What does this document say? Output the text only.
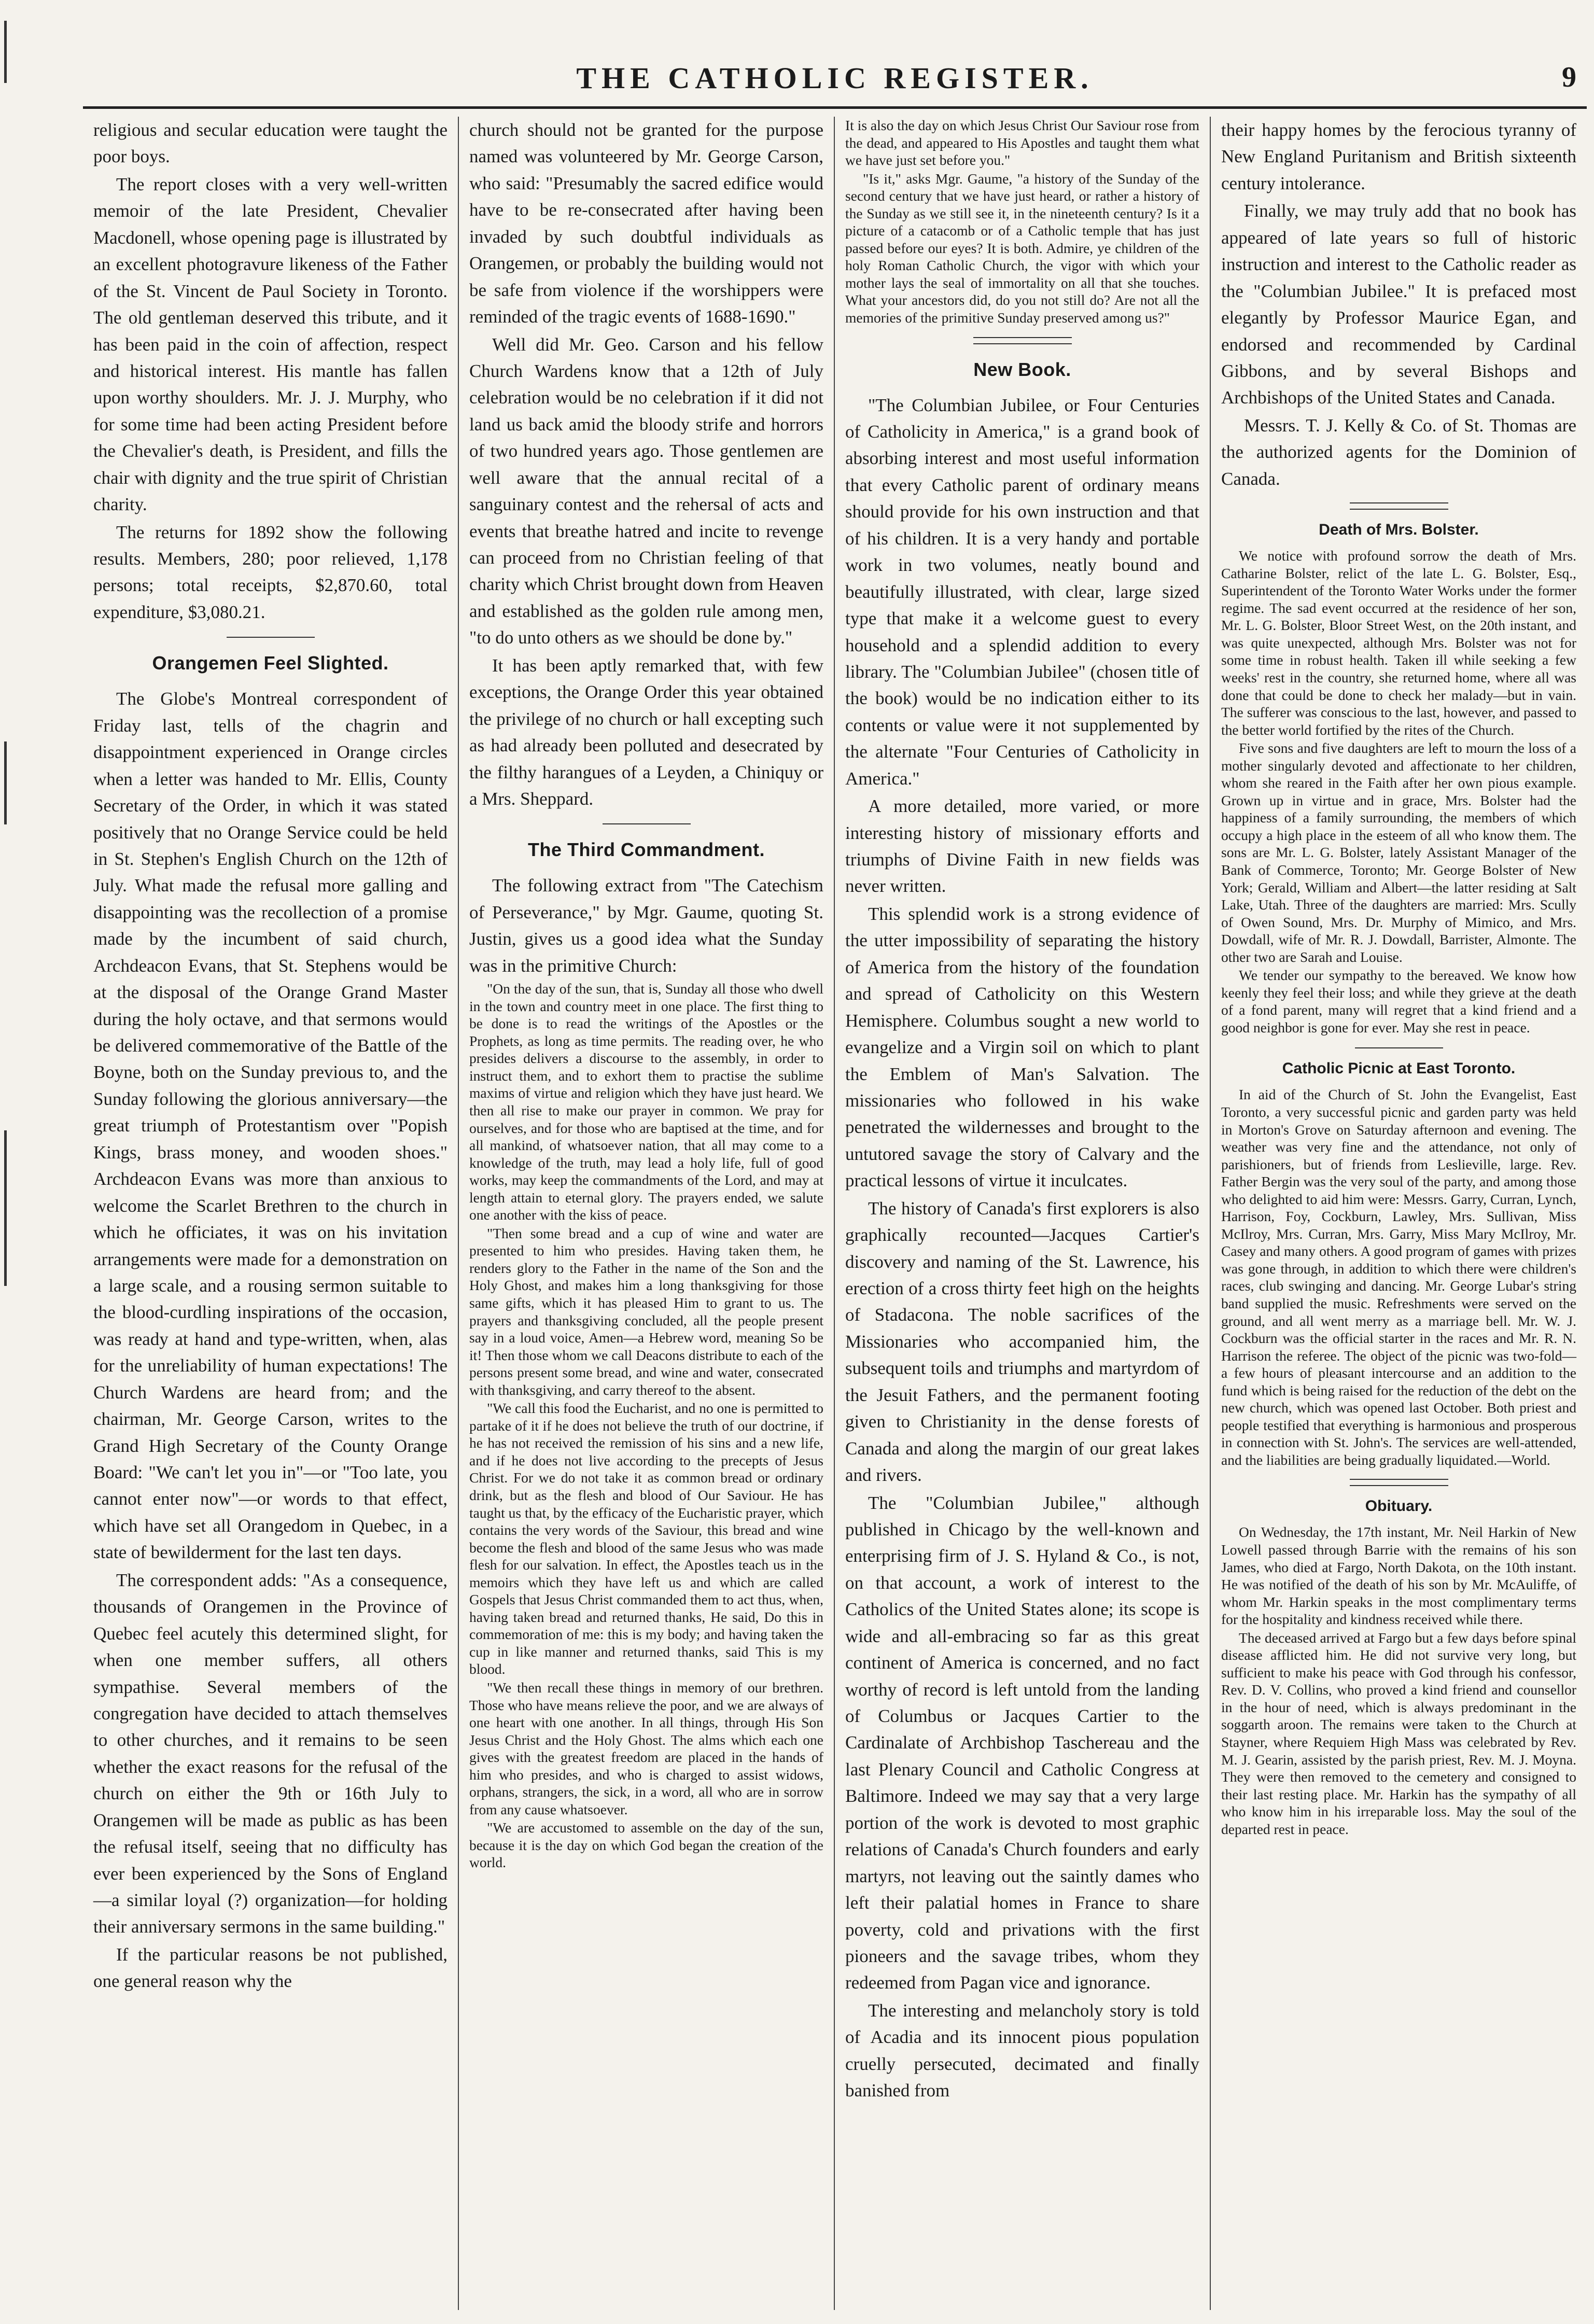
THE CATHOLIC REGISTER.	9

religious and secular education were taught the poor boys.

The report closes with a very well-written memoir of the late President, Chevalier Macdonell, whose opening page is illustrated by an excellent photogravure likeness of the Father of the St. Vincent de Paul Society in Toronto. The old gentleman deserved this tribute, and it has been paid in the coin of affection, respect and historical interest. His mantle has fallen upon worthy shoulders. Mr. J. J. Murphy, who for some time had been acting President before the Chevalier's death, is President, and fills the chair with dignity and the true spirit of Christian charity.

The returns for 1892 show the following results. Members, 280; poor relieved, 1,178 persons; total receipts, $2,870.60, total expenditure, $3,080.21.

Orangemen Feel Slighted.

The Globe's Montreal correspondent of Friday last, tells of the chagrin and disappointment experienced in Orange circles when a letter was handed to Mr. Ellis, County Secretary of the Order, in which it was stated positively that no Orange Service could be held in St. Stephen's English Church on the 12th of July. What made the refusal more galling and disappointing was the recollection of a promise made by the incumbent of said church, Archdeacon Evans, that St. Stephens would be at the disposal of the Orange Grand Master during the holy octave, and that sermons would be delivered commemorative of the Battle of the Boyne, both on the Sunday previous to, and the Sunday following the glorious anniversary—the great triumph of Protestantism over "Popish Kings, brass money, and wooden shoes." Archdeacon Evans was more than anxious to welcome the Scarlet Brethren to the church in which he officiates, it was on his invitation arrangements were made for a demonstration on a large scale, and a rousing sermon suitable to the blood-curdling inspirations of the occasion, was ready at hand and type-written, when, alas for the unreliability of human expectations! The Church Wardens are heard from; and the chairman, Mr. George Carson, writes to the Grand High Secretary of the County Orange Board: "We can't let you in"—or "Too late, you cannot enter now"—or words to that effect, which have set all Orangedom in Quebec, in a state of bewilderment for the last ten days.

The correspondent adds: "As a consequence, thousands of Orangemen in the Province of Quebec feel acutely this determined slight, for when one member suffers, all others sympathise. Several members of the congregation have decided to attach themselves to other churches, and it remains to be seen whether the exact reasons for the refusal of the church on either the 9th or 16th July to Orangemen will be made as public as has been the refusal itself, seeing that no difficulty has ever been experienced by the Sons of England—a similar loyal (?) organization—for holding their anniversary sermons in the same building."

If the particular reasons be not published, one general reason why the

church should not be granted for the purpose named was volunteered by Mr. George Carson, who said: "Presumably the sacred edifice would have to be re-consecrated after having been invaded by such doubtful individuals as Orangemen, or probably the building would not be safe from violence if the worshippers were reminded of the tragic events of 1688-1690."

Well did Mr. Geo. Carson and his fellow Church Wardens know that a 12th of July celebration would be no celebration if it did not land us back amid the bloody strife and horrors of two hundred years ago. Those gentlemen are well aware that the annual recital of a sanguinary contest and the rehersal of acts and events that breathe hatred and incite to revenge can proceed from no Christian feeling of that charity which Christ brought down from Heaven and established as the golden rule among men, "to do unto others as we should be done by."

It has been aptly remarked that, with few exceptions, the Orange Order this year obtained the privilege of no church or hall excepting such as had already been polluted and desecrated by the filthy harangues of a Leyden, a Chiniquy or a Mrs. Sheppard.

The Third Commandment.

The following extract from "The Catechism of Perseverance," by Mgr. Gaume, quoting St. Justin, gives us a good idea what the Sunday was in the primitive Church:

"On the day of the sun, that is, Sunday all those who dwell in the town and country meet in one place. The first thing to be done is to read the writings of the Apostles or the Prophets, as long as time permits. The reading over, he who presides delivers a discourse to the assembly, in order to instruct them, and to exhort them to practise the sublime maxims of virtue and religion which they have just heard. We then all rise to make our prayer in common. We pray for ourselves, and for those who are baptised at the time, and for all mankind, of whatsoever nation, that all may come to a knowledge of the truth, may lead a holy life, full of good works, may keep the commandments of the Lord, and may at length attain to eternal glory. The prayers ended, we salute one another with the kiss of peace.

"Then some bread and a cup of wine and water are presented to him who presides. Having taken them, he renders glory to the Father in the name of the Son and the Holy Ghost, and makes him a long thanksgiving for those same gifts, which it has pleased Him to grant to us. The prayers and thanksgiving concluded, all the people present say in a loud voice, Amen—a Hebrew word, meaning So be it! Then those whom we call Deacons distribute to each of the persons present some bread, and wine and water, consecrated with thanksgiving, and carry thereof to the absent.

"We call this food the Eucharist, and no one is permitted to partake of it if he does not believe the truth of our doctrine, if he has not received the remission of his sins and a new life, and if he does not live according to the precepts of Jesus Christ. For we do not take it as common bread or ordinary drink, but as the flesh and blood of Our Saviour. He has taught us that, by the efficacy of the Eucharistic prayer, which contains the very words of the Saviour, this bread and wine become the flesh and blood of the same Jesus who was made flesh for our salvation. In effect, the Apostles teach us in the memoirs which they have left us and which are called Gospels that Jesus Christ commanded them to act thus, when, having taken bread and returned thanks, He said, Do this in commemoration of me: this is my body; and having taken the cup in like manner and returned thanks, said This is my blood.

"We then recall these things in memory of our brethren. Those who have means relieve the poor, and we are always of one heart with one another. In all things, through His Son Jesus Christ and the Holy Ghost. The alms which each one gives with the greatest freedom are placed in the hands of him who presides, and who is charged to assist widows, orphans, strangers, the sick, in a word, all who are in sorrow from any cause whatsoever.

"We are accustomed to assemble on the day of the sun, because it is the day on which God began the creation of the world.

It is also the day on which Jesus Christ Our Saviour rose from the dead, and appeared to His Apostles and taught them what we have just set before you."

"Is it," asks Mgr. Gaume, "a history of the Sunday of the second century that we have just heard, or rather a history of the Sunday as we still see it, in the nineteenth century? Is it a picture of a catacomb or of a Catholic temple that has just passed before our eyes? It is both. Admire, ye children of the holy Roman Catholic Church, the vigor with which your mother lays the seal of immortality on all that she touches. What your ancestors did, do you not still do? Are not all the memories of the primitive Sunday preserved among us?"

New Book.

"The Columbian Jubilee, or Four Centuries of Catholicity in America," is a grand book of absorbing interest and most useful information that every Catholic parent of ordinary means should provide for his own instruction and that of his children. It is a very handy and portable work in two volumes, neatly bound and beautifully illustrated, with clear, large sized type that make it a welcome guest to every household and a splendid addition to every library. The "Columbian Jubilee" (chosen title of the book) would be no indication either to its contents or value were it not supplemented by the alternate "Four Centuries of Catholicity in America."

A more detailed, more varied, or more interesting history of missionary efforts and triumphs of Divine Faith in new fields was never written.

This splendid work is a strong evidence of the utter impossibility of separating the history of America from the history of the foundation and spread of Catholicity on this Western Hemisphere. Columbus sought a new world to evangelize and a Virgin soil on which to plant the Emblem of Man's Salvation. The missionaries who followed in his wake penetrated the wildernesses and brought to the untutored savage the story of Calvary and the practical lessons of virtue it inculcates.

The history of Canada's first explorers is also graphically recounted—Jacques Cartier's discovery and naming of the St. Lawrence, his erection of a cross thirty feet high on the heights of Stadacona. The noble sacrifices of the Missionaries who accompanied him, the subsequent toils and triumphs and martyrdom of the Jesuit Fathers, and the permanent footing given to Christianity in the dense forests of Canada and along the margin of our great lakes and rivers.

The "Columbian Jubilee," although published in Chicago by the well-known and enterprising firm of J. S. Hyland & Co., is not, on that account, a work of interest to the Catholics of the United States alone; its scope is wide and all-embracing so far as this great continent of America is concerned, and no fact worthy of record is left untold from the landing of Columbus or Jacques Cartier to the Cardinalate of Archbishop Taschereau and the last Plenary Council and Catholic Congress at Baltimore. Indeed we may say that a very large portion of the work is devoted to most graphic relations of Canada's Church founders and early martyrs, not leaving out the saintly dames who left their palatial homes in France to share poverty, cold and privations with the first pioneers and the savage tribes, whom they redeemed from Pagan vice and ignorance.

The interesting and melancholy story is told of Acadia and its innocent pious population cruelly persecuted, decimated and finally banished from

their happy homes by the ferocious tyranny of New England Puritanism and British sixteenth century intolerance.

Finally, we may truly add that no book has appeared of late years so full of historic instruction and interest to the Catholic reader as the "Columbian Jubilee." It is prefaced most elegantly by Professor Maurice Egan, and endorsed and recommended by Cardinal Gibbons, and by several Bishops and Archbishops of the United States and Canada.

Messrs. T. J. Kelly & Co. of St. Thomas are the authorized agents for the Dominion of Canada.

Death of Mrs. Bolster.

We notice with profound sorrow the death of Mrs. Catharine Bolster, relict of the late L. G. Bolster, Esq., Superintendent of the Toronto Water Works under the former regime. The sad event occurred at the residence of her son, Mr. L. G. Bolster, Bloor Street West, on the 20th instant, and was quite unexpected, although Mrs. Bolster was not for some time in robust health. Taken ill while seeking a few weeks' rest in the country, she returned home, where all was done that could be done to check her malady—but in vain. The sufferer was conscious to the last, however, and passed to the better world fortified by the rites of the Church.

Five sons and five daughters are left to mourn the loss of a mother singularly devoted and affectionate to her children, whom she reared in the Faith after her own pious example. Grown up in virtue and in grace, Mrs. Bolster had the happiness of a family surrounding, the members of which occupy a high place in the esteem of all who know them. The sons are Mr. L. G. Bolster, lately Assistant Manager of the Bank of Commerce, Toronto; Mr. George Bolster of New York; Gerald, William and Albert—the latter residing at Salt Lake, Utah. Three of the daughters are married: Mrs. Scully of Owen Sound, Mrs. Dr. Murphy of Mimico, and Mrs. Dowdall, wife of Mr. R. J. Dowdall, Barrister, Almonte. The other two are Sarah and Louise.

We tender our sympathy to the bereaved. We know how keenly they feel their loss; and while they grieve at the death of a fond parent, many will regret that a kind friend and a good neighbor is gone for ever. May she rest in peace.

Catholic Picnic at East Toronto.

In aid of the Church of St. John the Evangelist, East Toronto, a very successful picnic and garden party was held in Morton's Grove on Saturday afternoon and evening. The weather was very fine and the attendance, not only of parishioners, but of friends from Leslieville, large. Rev. Father Bergin was the very soul of the party, and among those who delighted to aid him were: Messrs. Garry, Curran, Lynch, Harrison, Foy, Cockburn, Lawley, Mrs. Sullivan, Miss McIlroy, Mrs. Curran, Mrs. Garry, Miss Mary McIlroy, Mr. Casey and many others. A good program of games with prizes was gone through, in addition to which there were children's races, club swinging and dancing. Mr. George Lubar's string band supplied the music. Refreshments were served on the ground, and all went merry as a marriage bell. Mr. W. J. Cockburn was the official starter in the races and Mr. R. N. Harrison the referee. The object of the picnic was two-fold—a few hours of pleasant intercourse and an addition to the fund which is being raised for the reduction of the debt on the new church, which was opened last October. Both priest and people testified that everything is harmonious and prosperous in connection with St. John's. The services are well-attended, and the liabilities are being gradually liquidated.—World.

Obituary.

On Wednesday, the 17th instant, Mr. Neil Harkin of New Lowell passed through Barrie with the remains of his son James, who died at Fargo, North Dakota, on the 10th instant. He was notified of the death of his son by Mr. McAuliffe, of whom Mr. Harkin speaks in the most complimentary terms for the hospitality and kindness received while there.

The deceased arrived at Fargo but a few days before spinal disease afflicted him. He did not survive very long, but sufficient to make his peace with God through his confessor, Rev. D. V. Collins, who proved a kind friend and counsellor in the hour of need, which is always predominant in the soggarth aroon. The remains were taken to the Church at Stayner, where Requiem High Mass was celebrated by Rev. M. J. Gearin, assisted by the parish priest, Rev. M. J. Moyna. They were then removed to the cemetery and consigned to their last resting place. Mr. Harkin has the sympathy of all who know him in his irreparable loss. May the soul of the departed rest in peace.
